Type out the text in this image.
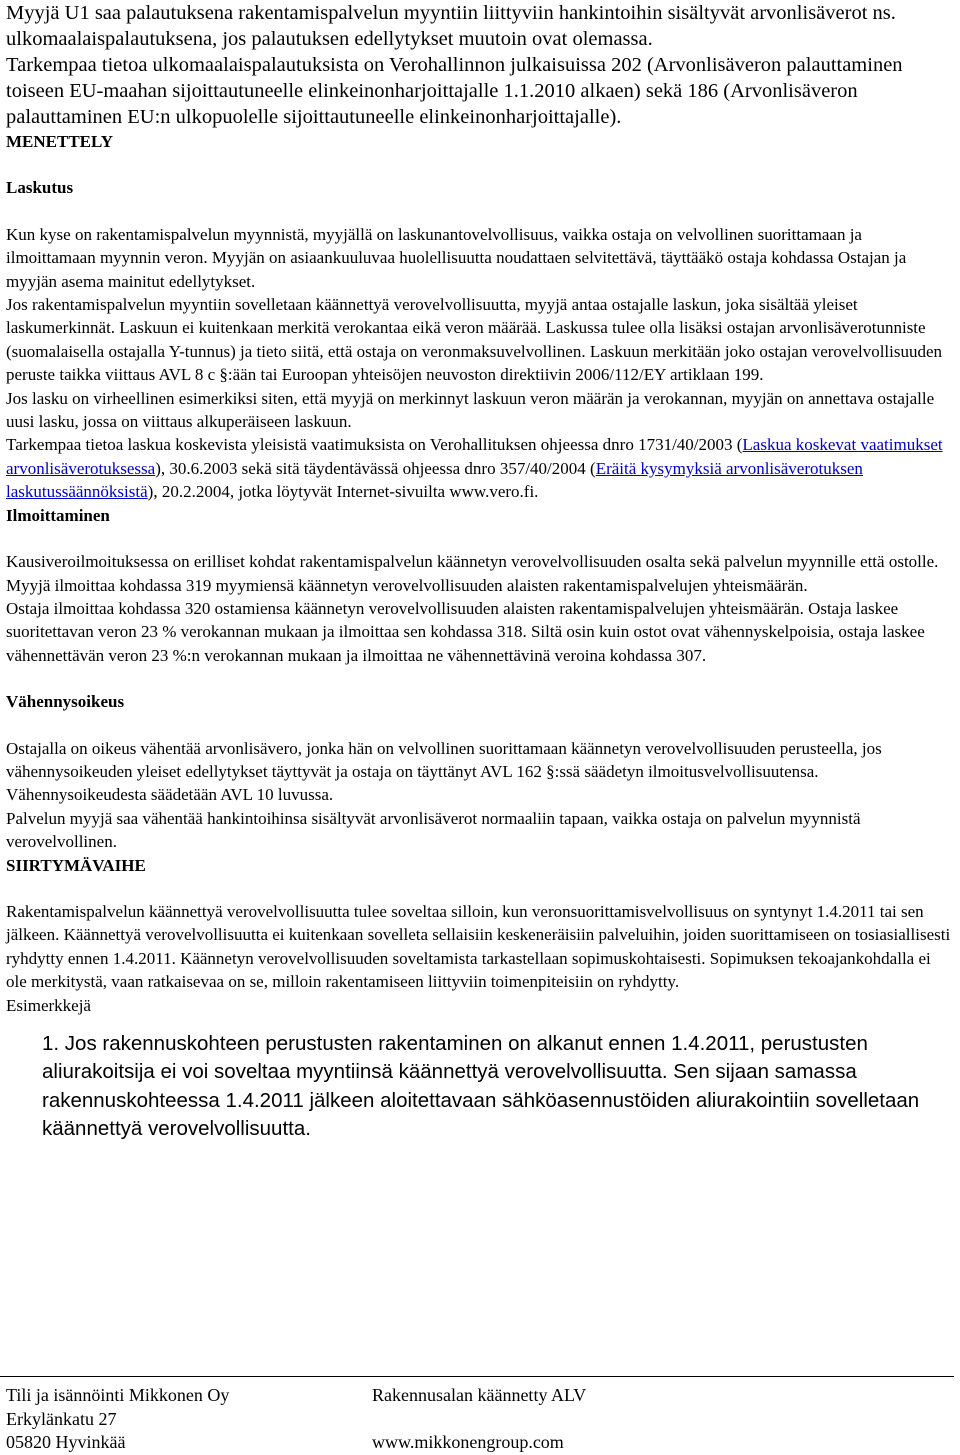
Myyjä U1 saa palautuksena rakentamispalvelun myyntiin liittyviin hankintoihin sisältyvät arvonlisäverot ns. ulkomaalaispalautuksena, jos palautuksen edellytykset muutoin ovat olemassa.

Tarkempaa tietoa ulkomaalaispalautuksista on Verohallinnon julkaisuissa 202 (Arvonlisäveron palauttaminen toiseen EU-maahan sijoittautuneelle elinkeinonharjoittajalle 1.1.2010 alkaen) sekä 186 (Arvonlisäveron palauttaminen EU:n ulkopuolelle sijoittautuneelle elinkeinonharjoittajalle).

MENETTELY

Laskutus

Kun kyse on rakentamispalvelun myynnistä, myyjällä on laskunantovelvollisuus, vaikka ostaja on velvollinen suorittamaan ja ilmoittamaan myynnin veron. Myyjän on asiaankuuluvaa huolellisuutta noudattaen selvitettävä, täyttääkö ostaja kohdassa Ostajan ja myyjän asema mainitut edellytykset.

Jos rakentamispalvelun myyntiin sovelletaan käännettyä verovelvollisuutta, myyjä antaa ostajalle laskun, joka sisältää yleiset laskumerkinnät. Laskuun ei kuitenkaan merkitä verokantaa eikä veron määrää. Laskussa tulee olla lisäksi ostajan arvonlisäverotunniste (suomalaisella ostajalla Y-tunnus) ja tieto siitä, että ostaja on veronmaksuvelvollinen. Laskuun merkitään joko ostajan verovelvollisuuden peruste taikka viittaus AVL 8 c §:ään tai Euroopan yhteisöjen neuvoston direktiivin 2006/112/EY artiklaan 199.

Jos lasku on virheellinen esimerkiksi siten, että myyjä on merkinnyt laskuun veron määrän ja verokannan, myyjän on annettava ostajalle uusi lasku, jossa on viittaus alkuperäiseen laskuun.

Tarkempaa tietoa laskua koskevista yleisistä vaatimuksista on Verohallituksen ohjeessa dnro 1731/40/2003 (Laskua koskevat vaatimukset arvonlisäverotuksessa), 30.6.2003 sekä sitä täydentävässä ohjeessa dnro 357/40/2004 (Eräitä kysymyksiä arvonlisäverotuksen laskutussäännöksistä), 20.2.2004, jotka löytyvät Internet-sivuilta www.vero.fi.

Ilmoittaminen

Kausiveroilmoituksessa on erilliset kohdat rakentamispalvelun käännetyn verovelvollisuuden osalta sekä palvelun myynnille että ostolle.

Myyjä ilmoittaa kohdassa 319 myymiensä käännetyn verovelvollisuuden alaisten rakentamispalvelujen yhteismäärän.

Ostaja ilmoittaa kohdassa 320 ostamiensa käännetyn verovelvollisuuden alaisten rakentamispalvelujen yhteismäärän. Ostaja laskee suoritettavan veron 23 % verokannan mukaan ja ilmoittaa sen kohdassa 318. Siltä osin kuin ostot ovat vähennyskelpoisia, ostaja laskee vähennettävän veron 23 %:n verokannan mukaan ja ilmoittaa ne vähennettävinä veroina kohdassa 307.

Vähennysoikeus

Ostajalla on oikeus vähentää arvonlisävero, jonka hän on velvollinen suorittamaan käännetyn verovelvollisuuden perusteella, jos vähennysoikeuden yleiset edellytykset täyttyvät ja ostaja on täyttänyt AVL 162 §:ssä säädetyn ilmoitusvelvollisuutensa. Vähennysoikeudesta säädetään AVL 10 luvussa.

Palvelun myyjä saa vähentää hankintoihinsa sisältyvät arvonlisäverot normaaliin tapaan, vaikka ostaja on palvelun myynnistä verovelvollinen.

SIIRTYMÄVAIHE

Rakentamispalvelun käännettyä verovelvollisuutta tulee soveltaa silloin, kun veronsuorittamisvelvollisuus on syntynyt 1.4.2011 tai sen jälkeen. Käännettyä verovelvollisuutta ei kuitenkaan sovelleta sellaisiin keskeneräisiin palveluihin, joiden suorittamiseen on tosiasiallisesti ryhdytty ennen 1.4.2011. Käännetyn verovelvollisuuden soveltamista tarkastellaan sopimuskohtaisesti. Sopimuksen tekoajankohdalla ei ole merkitystä, vaan ratkaisevaa on se, milloin rakentamiseen liittyviin toimenpiteisiin on ryhdytty.

Esimerkkejä

1. Jos rakennuskohteen perustusten rakentaminen on alkanut ennen 1.4.2011, perustusten aliurakoitsija ei voi soveltaa myyntiinsä käännettyä verovelvollisuutta. Sen sijaan samassa rakennuskohteessa 1.4.2011 jälkeen aloitettavaan sähköasennustöiden aliurakointiin sovelletaan käännettyä verovelvollisuutta.

Tili ja isännöinti Mikkonen Oy
Erkylänkatu 27
05820 Hyvinkää
Rakennusalan käännetty ALV
www.mikkonengroup.com
